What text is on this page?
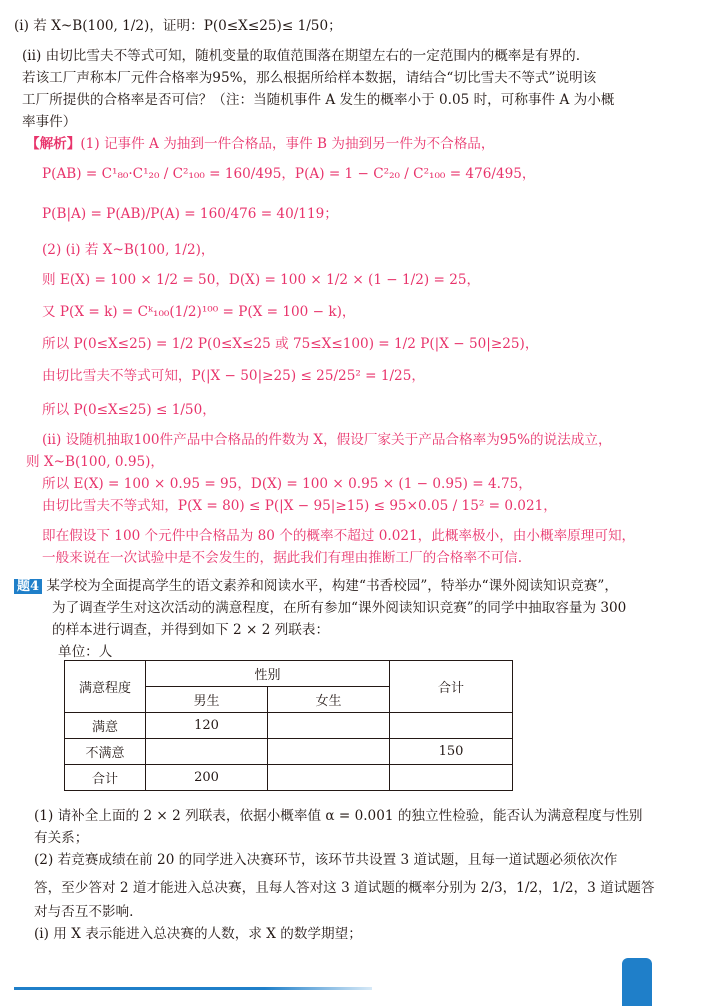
(i) 若 X~B(100, 1/2)，证明：P(0≤X≤25)≤ 1/50；
(ii) 由切比雪夫不等式可知，随机变量的取值范围落在期望左右的一定范围内的概率是有界的.
若该工厂声称本厂元件合格率为95%，那么根据所给样本数据，请结合“切比雪夫不等式”说明该
工厂所提供的合格率是否可信？（注：当随机事件 A 发生的概率小于 0.05 时，可称事件 A 为小概
率事件）
【解析】(1) 记事件 A 为抽到一件合格品，事件 B 为抽到另一件为不合格品，
P(AB) = C¹₈₀·C¹₂₀ / C²₁₀₀ = 160/495，P(A) = 1 − C²₂₀ / C²₁₀₀ = 476/495，
P(B|A) = P(AB)/P(A) = 160/476 = 40/119；
(2) (i) 若 X~B(100, 1/2)，
则 E(X) = 100 × 1/2 = 50，D(X) = 100 × 1/2 × (1 − 1/2) = 25，
又 P(X = k) = Cᵏ₁₀₀(1/2)¹⁰⁰ = P(X = 100 − k)，
所以 P(0≤X≤25) = 1/2 P(0≤X≤25 或 75≤X≤100) = 1/2 P(|X − 50|≥25)，
由切比雪夫不等式可知，P(|X − 50|≥25) ≤ 25/25² = 1/25，
所以 P(0≤X≤25) ≤ 1/50，
(ii) 设随机抽取100件产品中合格品的件数为 X，假设厂家关于产品合格率为95%的说法成立，
则 X~B(100, 0.95)，
所以 E(X) = 100 × 0.95 = 95，D(X) = 100 × 0.95 × (1 − 0.95) = 4.75，
由切比雪夫不等式知，P(X = 80) ≤ P(|X − 95|≥15) ≤ 95×0.05 / 15² = 0.021，
即在假设下 100 个元件中合格品为 80 个的概率不超过 0.021，此概率极小，由小概率原理可知，
一般来说在一次试验中是不会发生的，据此我们有理由推断工厂的合格率不可信.
题4 某学校为全面提高学生的语文素养和阅读水平，构建“书香校园”，特举办“课外阅读知识竞赛”，
为了调查学生对这次活动的满意程度，在所有参加“课外阅读知识竞赛”的同学中抽取容量为 300
的样本进行调查，并得到如下 2 × 2 列联表：
单位：人
满意程度	性别		合计
	男生	女生	
满意	120		
不满意			150
合计	200		
(1) 请补全上面的 2 × 2 列联表，依据小概率值 α = 0.001 的独立性检验，能否认为满意程度与性别
有关系；
(2) 若竞赛成绩在前 20 的同学进入决赛环节，该环节共设置 3 道试题，且每一道试题必须依次作
答，至少答对 2 道才能进入总决赛，且每人答对这 3 道试题的概率分别为 2/3，1/2，1/2，3 道试题答
对与否互不影响.
(i) 用 X 表示能进入总决赛的人数，求 X 的数学期望；
